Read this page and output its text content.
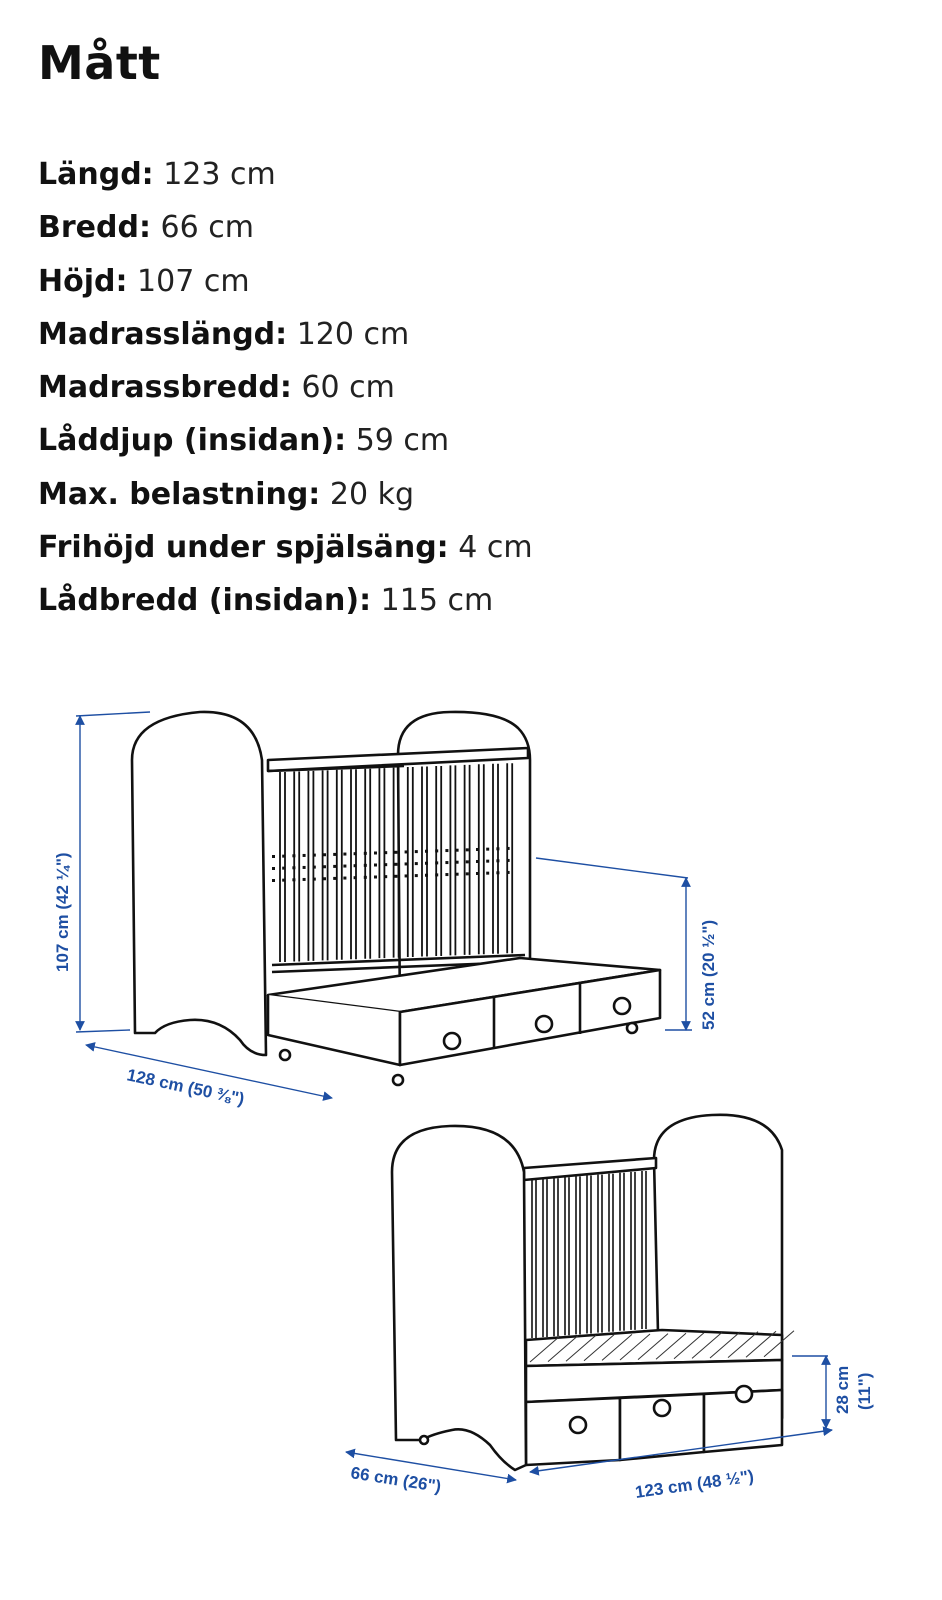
Mått
Längd: 123 cm
Bredd: 66 cm
Höjd: 107 cm
Madrasslängd: 120 cm
Madrassbredd: 60 cm
Låddjup (insidan): 59 cm
Max. belastning: 20 kg
Frihöjd under spjälsäng: 4 cm
Lådbredd (insidan): 115 cm
107 cm (42 ¼")
52 cm (20 ½")
128 cm (50 ⅜")
66 cm (26")	123 cm (48 ½")
28 cm (11")
